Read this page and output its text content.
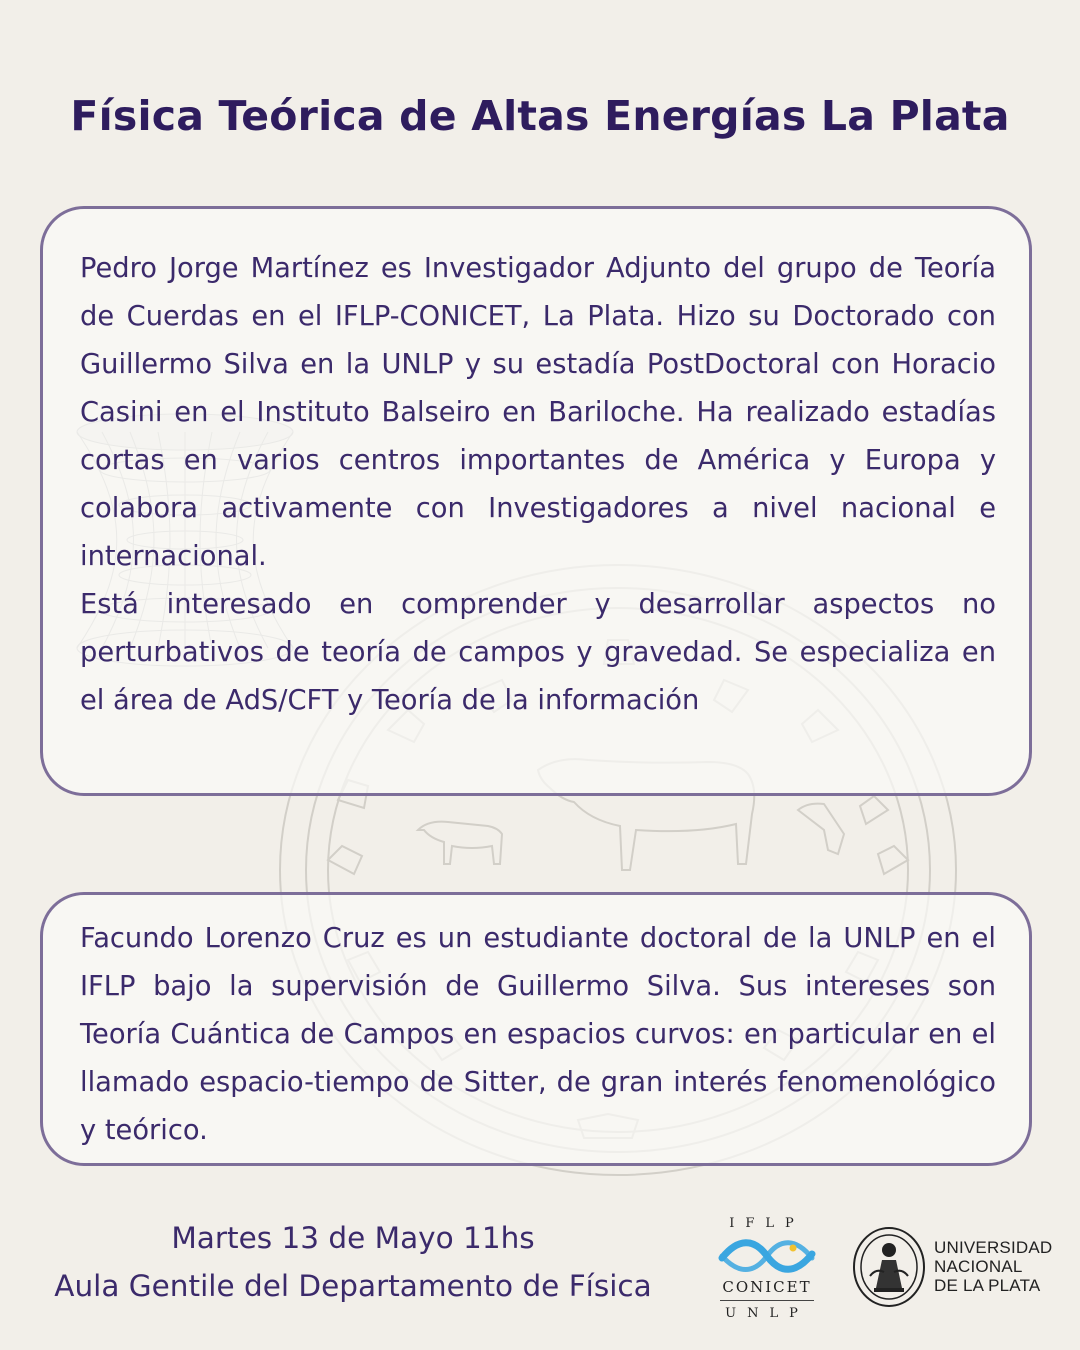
Física Teórica de Altas Energías La Plata

Pedro Jorge Martínez es Investigador Adjunto del grupo de Teoría de Cuerdas en el IFLP-CONICET, La Plata. Hizo su Doctorado con Guillermo Silva en la UNLP y su estadía PostDoctoral con Horacio Casini en el Instituto Balseiro en Bariloche. Ha realizado estadías cortas en varios centros importantes de América y Europa y colabora activamente con Investigadores a nivel nacional e internacional.

Está interesado en comprender y desarrollar aspectos no perturbativos de teoría de campos y gravedad. Se especializa en el área de AdS/CFT y Teoría de la información

Facundo Lorenzo Cruz es un estudiante doctoral de la UNLP en el IFLP bajo la supervisión de Guillermo Silva. Sus intereses son Teoría Cuántica de Campos en espacios curvos: en particular en el llamado espacio-tiempo de Sitter, de gran interés fenomenológico y teórico.

Martes 13 de Mayo 11hs
Aula Gentile del Departamento de Física
IFLP
CONICET
UNLP
UNIVERSIDAD
NACIONAL
DE LA PLATA
